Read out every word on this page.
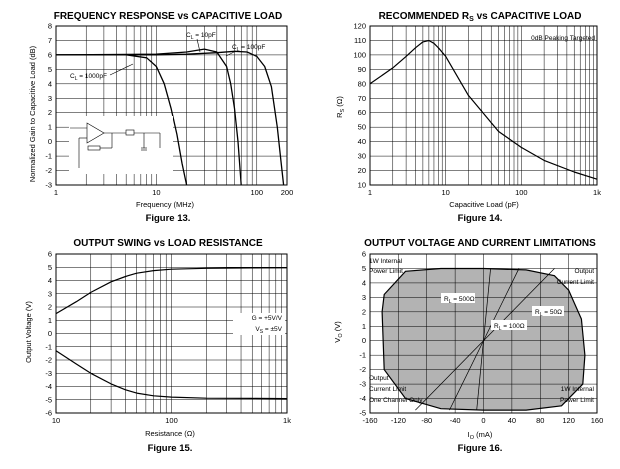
FREQUENCY RESPONSE vs CAPACITIVE LOAD
1	10	100 200
-3
-2
-1
0
1
2
3
4
5
6
7
8
$C_L = 10pF$
$C_L = 100pF$
$C_L = 1000pF$
Frequency (MHz)
Normalized Gain to Capacitive Load (dB)
Figure 13.
RECOMMENDED $R_S$ vs CAPACITIVE LOAD
1	10	100	1k
10
20
30
40
50
60
70
80
90
100
110
120
0dB Peaking Targeted
Capacitive Load (pF)
$R_S$ (Ω)
Figure 14.
OUTPUT SWING vs LOAD RESISTANCE
10	100	1k
-6
-5
-4
-3
-2
-1
0
1
2
3
4
5
6
G = +5V/V
$V_S = \pm 5V$
Resistance (Ω)
Output Voltage (V)
Figure 15.
OUTPUT VOLTAGE AND CURRENT LIMITATIONS
-160 -120 -80 -40	0	40	80 120 160
-5
-4
-3
-2
-1
0
1
2
3
4
5
6
1W Internal
Power Limit	Output
Current Limit
Output
Current Limit
One Channel Only
1W Internal
Power Limit
$R_L = 500\Omega$
$R_L = 50\Omega$
$R_L = 100\Omega$
$I_O$ (mA)
$V_O$ (V)
Figure 16.
